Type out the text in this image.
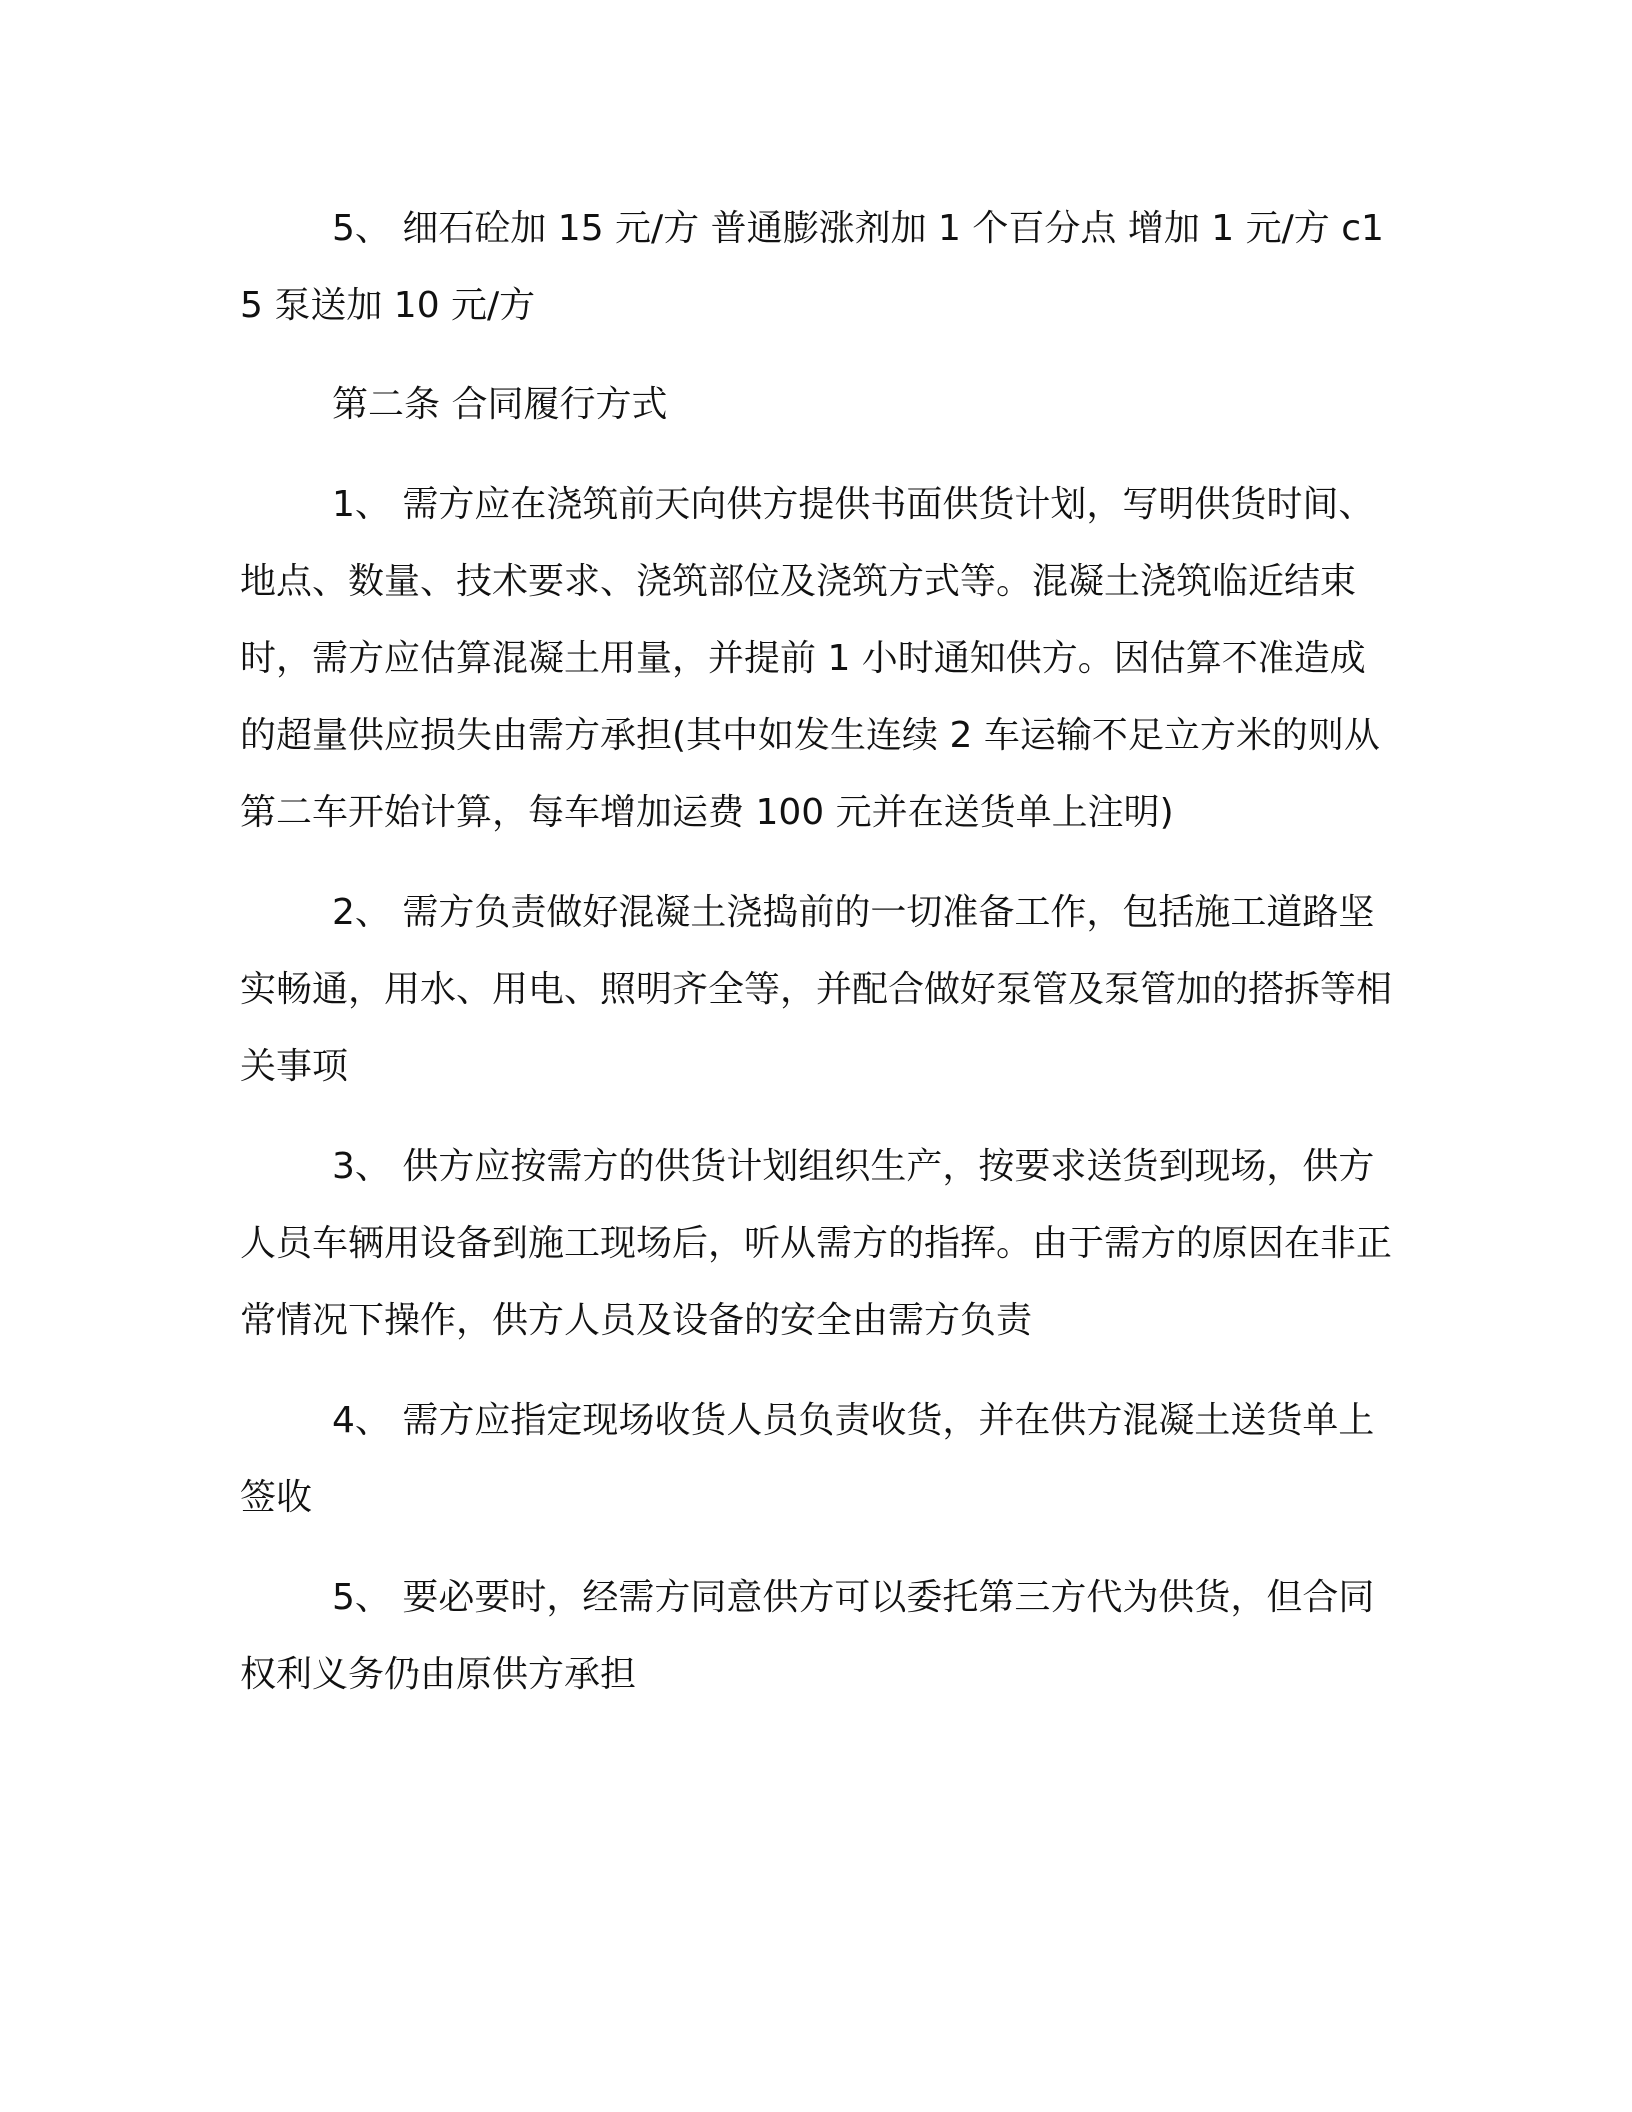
5、 细石砼加 15 元/方 普通膨涨剂加 1 个百分点 增加 1 元/方 c15 泵送加 10 元/方

第二条 合同履行方式

1、 需方应在浇筑前天向供方提供书面供货计划，写明供货时间、地点、数量、技术要求、浇筑部位及浇筑方式等。混凝土浇筑临近结束时，需方应估算混凝土用量，并提前 1 小时通知供方。因估算不准造成的超量供应损失由需方承担(其中如发生连续 2 车运输不足立方米的则从第二车开始计算，每车增加运费 100 元并在送货单上注明)

2、 需方负责做好混凝土浇捣前的一切准备工作，包括施工道路坚实畅通，用水、用电、照明齐全等，并配合做好泵管及泵管加的搭拆等相关事项

3、 供方应按需方的供货计划组织生产，按要求送货到现场，供方人员车辆用设备到施工现场后，听从需方的指挥。由于需方的原因在非正常情况下操作，供方人员及设备的安全由需方负责

4、 需方应指定现场收货人员负责收货，并在供方混凝土送货单上签收

5、 要必要时，经需方同意供方可以委托第三方代为供货，但合同权利义务仍由原供方承担
